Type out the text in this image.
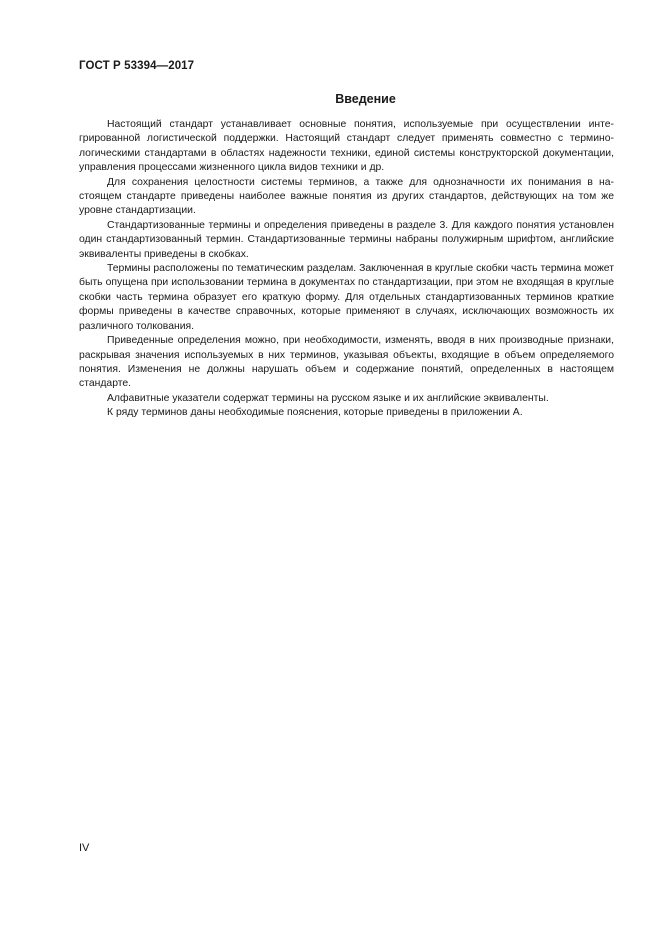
ГОСТ Р 53394—2017
Введение

Настоящий стандарт устанавливает основные понятия, используемые при осуществлении интегрированной логистической поддержки. Настоящий стандарт следует применять совместно с терминологическими стандартами в областях надежности техники, единой системы конструкторской документации, управления процессами жизненного цикла видов техники и др.

Для сохранения целостности системы терминов, а также для однозначности их понимания в настоящем стандарте приведены наиболее важные понятия из других стандартов, действующих на том же уровне стандартизации.

Стандартизованные термины и определения приведены в разделе 3. Для каждого понятия установлен один стандартизованный термин. Стандартизованные термины набраны полужирным шрифтом, английские эквиваленты приведены в скобках.

Термины расположены по тематическим разделам. Заключенная в круглые скобки часть термина может быть опущена при использовании термина в документах по стандартизации, при этом не входящая в круглые скобки часть термина образует его краткую форму. Для отдельных стандартизованных терминов краткие формы приведены в качестве справочных, которые применяют в случаях, исключающих возможность их различного толкования.

Приведенные определения можно, при необходимости, изменять, вводя в них производные признаки, раскрывая значения используемых в них терминов, указывая объекты, входящие в объем определяемого понятия. Изменения не должны нарушать объем и содержание понятий, определенных в настоящем стандарте.

Алфавитные указатели содержат термины на русском языке и их английские эквиваленты.

К ряду терминов даны необходимые пояснения, которые приведены в приложении А.

IV
